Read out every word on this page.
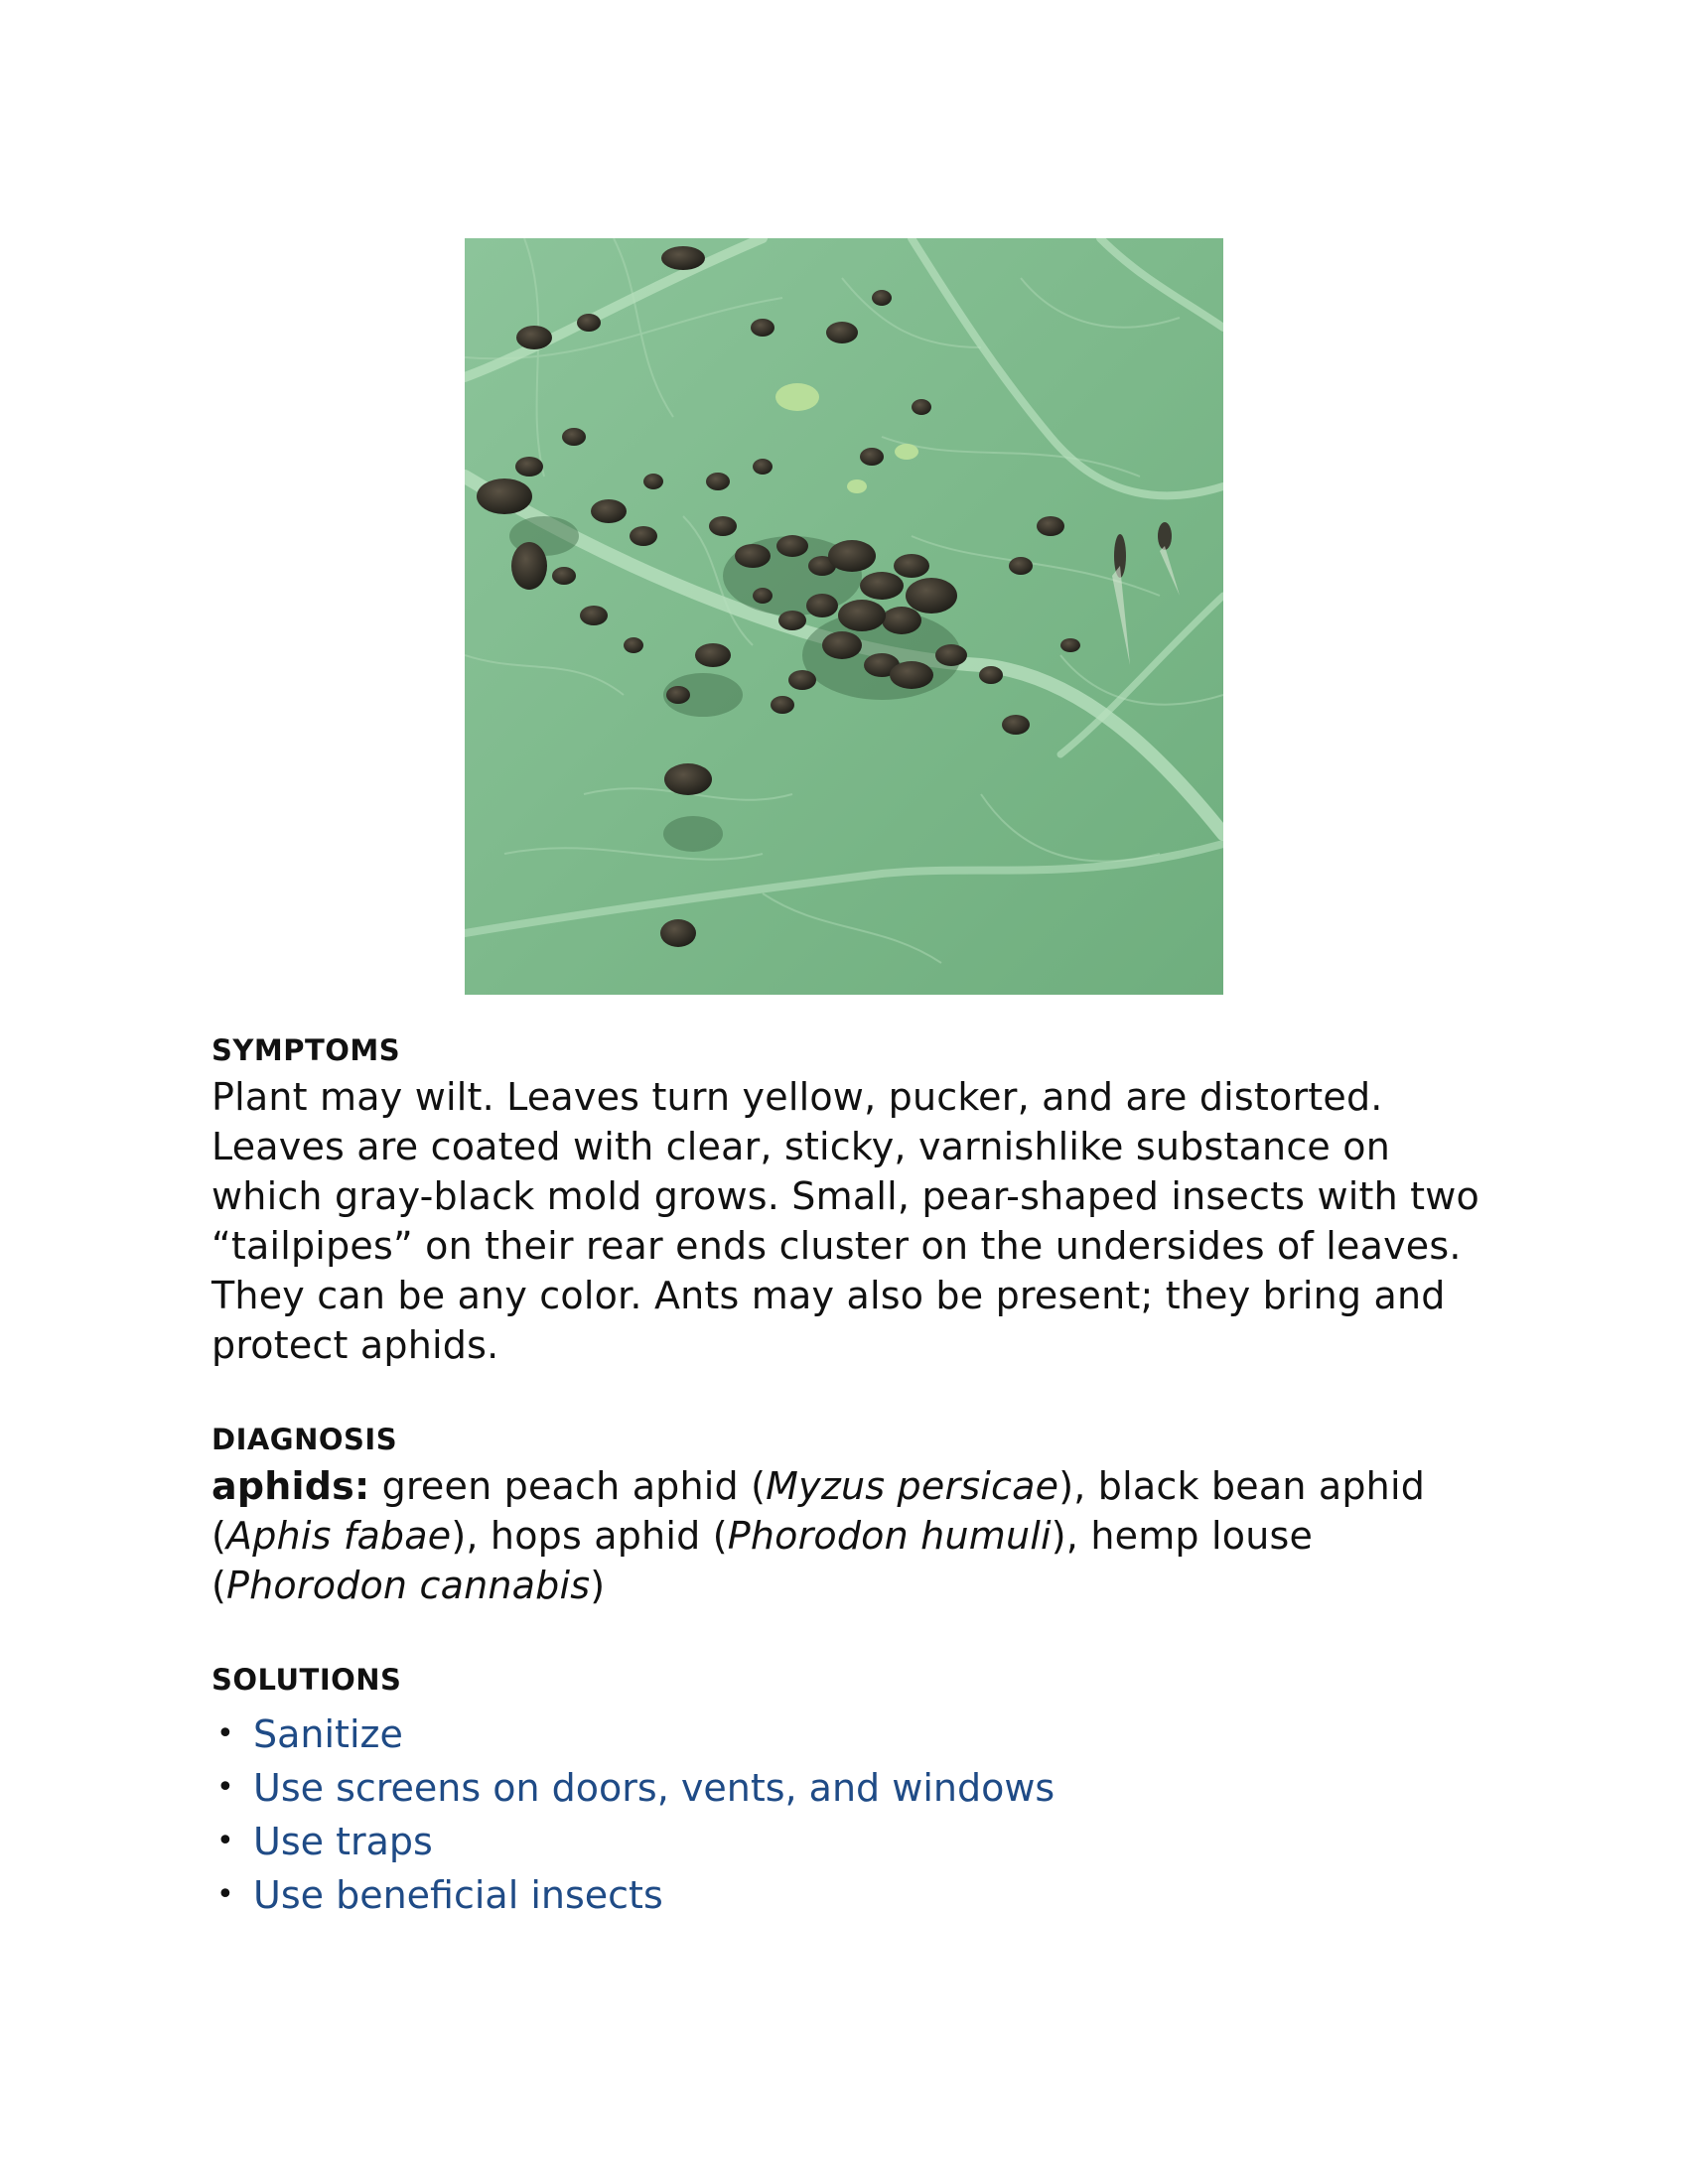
SYMPTOMS

Plant may wilt. Leaves turn yellow, pucker, and are distorted. Leaves are coated with clear, sticky, varnishlike substance on which gray-black mold grows. Small, pear-shaped insects with two “tailpipes” on their rear ends cluster on the undersides of leaves. They can be any color. Ants may also be present; they bring and protect aphids.

DIAGNOSIS

aphids: green peach aphid (Myzus persicae), black bean aphid (Aphis fabae), hops aphid (Phorodon humuli), hemp louse (Phorodon cannabis)

SOLUTIONS
• Sanitize
• Use screens on doors, vents, and windows
• Use traps
• Use beneficial insects
